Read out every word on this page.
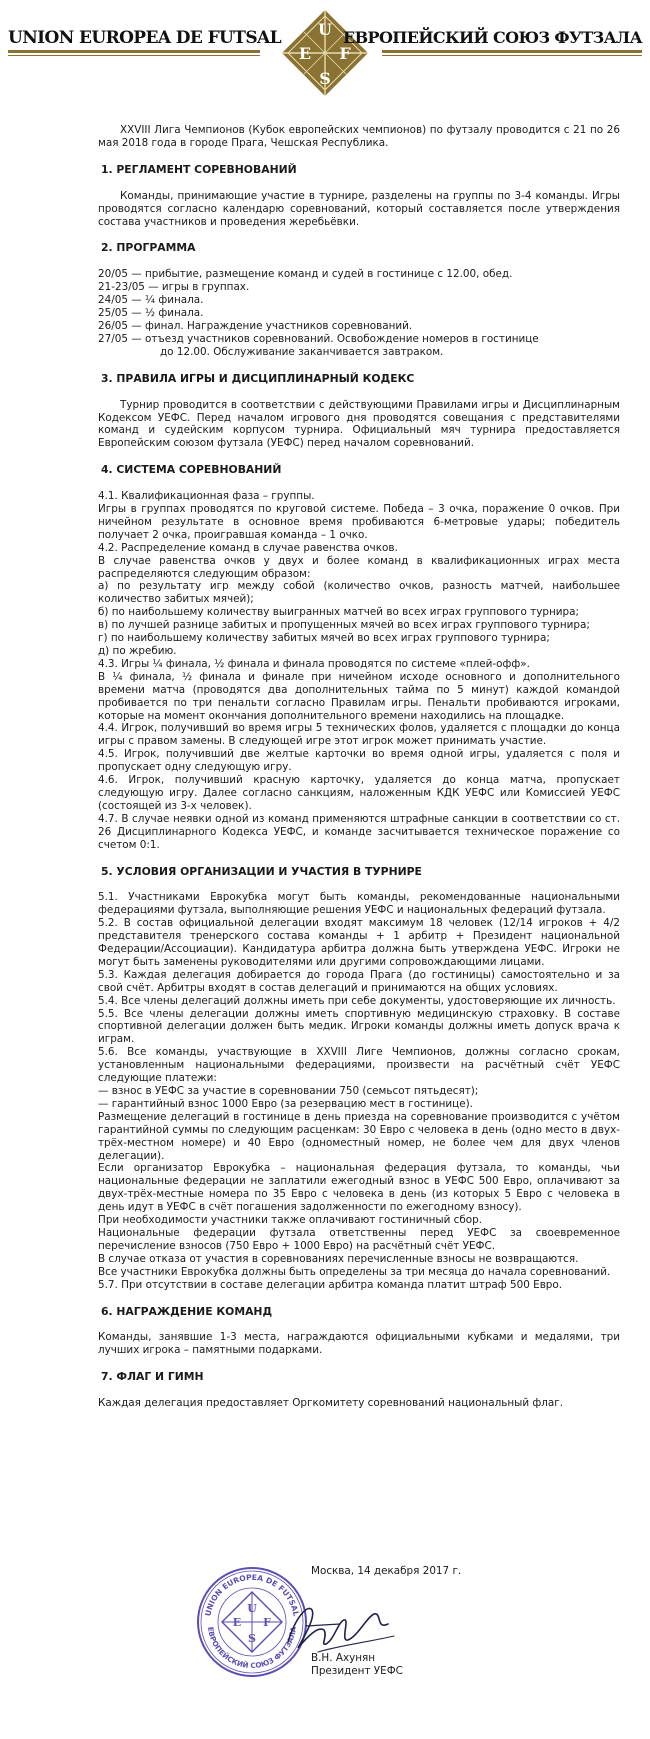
UNION EUROPEA DE FUTSAL U
E F
S
ЕВРОПЕЙСКИЙ СОЮЗ ФУТЗАЛА

XXVIII Лига Чемпионов (Кубок европейских чемпионов) по футзалу проводится с 21 по 26 мая 2018 года в городе Прага, Чешская Республика.

1. РЕГЛАМЕНТ СОРЕВНОВАНИЙ

Команды, принимающие участие в турнире, разделены на группы по 3-4 команды. Игры проводятся согласно календарю соревнований, который составляется после утверждения состава участников и проведения жеребьёвки.

2. ПРОГРАММА

20/05 — прибытие, размещение команд и судей в гостинице с 12.00, обед.

21-23/05 — игры в группах.

24/05 — ¼ финала.

25/05 — ½ финала.

26/05 — финал. Награждение участников соревнований.

27/05 — отъезд участников соревнований. Освобождение номеров в гостинице

до 12.00. Обслуживание заканчивается завтраком.

3. ПРАВИЛА ИГРЫ И ДИСЦИПЛИНАРНЫЙ КОДЕКС

Турнир проводится в соответствии с действующими Правилами игры и Дисциплинарным Кодексом УЕФС. Перед началом игрового дня проводятся совещания с представителями команд и судейским корпусом турнира. Официальный мяч турнира предоставляется Европейским союзом футзала (УЕФС) перед началом соревнований.

4. СИСТЕМА СОРЕВНОВАНИЙ

4.1. Квалификационная фаза – группы.

Игры в группах проводятся по круговой системе. Победа – 3 очка, поражение 0 очков. При ничейном результате в основное время пробиваются 6-метровые удары; победитель получает 2 очка, проигравшая команда – 1 очко.

4.2. Распределение команд в случае равенства очков.

В случае равенства очков у двух и более команд в квалификационных играх места распределяются следующим образом:

а) по результату игр между собой (количество очков, разность матчей, наибольшее количество забитых мячей);

б) по наибольшему количеству выигранных матчей во всех играх группового турнира;

в) по лучшей разнице забитых и пропущенных мячей во всех играх группового турнира;

г) по наибольшему количеству забитых мячей во всех играх группового турнира;

д) по жребию.

4.3. Игры ¼ финала, ½ финала и финала проводятся по системе «плей-офф».

В ¼ финала, ½ финала и финале при ничейном исходе основного и дополнительного времени матча (проводятся два дополнительных тайма по 5 минут) каждой командой пробивается по три пенальти согласно Правилам игры. Пенальти пробиваются игроками, которые на момент окончания дополнительного времени находились на площадке.

4.4. Игрок, получивший во время игры 5 технических фолов, удаляется с площадки до конца игры с правом замены. В следующей игре этот игрок может принимать участие.

4.5. Игрок, получивший две желтые карточки во время одной игры, удаляется с поля и пропускает одну следующую игру.

4.6. Игрок, получивший красную карточку, удаляется до конца матча, пропускает следующую игру. Далее согласно санкциям, наложенным КДК УЕФС или Комиссией УЕФС (состоящей из 3-х человек).

4.7. В случае неявки одной из команд применяются штрафные санкции в соответствии со ст. 26 Дисциплинарного Кодекса УЕФС, и команде засчитывается техническое поражение со счетом 0:1.

5. УСЛОВИЯ ОРГАНИЗАЦИИ И УЧАСТИЯ В ТУРНИРЕ

5.1. Участниками Еврокубка могут быть команды, рекомендованные национальными федерациями футзала, выполняющие решения УЕФС и национальных федераций футзала.

5.2. В состав официальной делегации входят максимум 18 человек (12/14 игроков + 4/2 представителя тренерского состава команды + 1 арбитр + Президент национальной Федерации/Ассоциации). Кандидатура арбитра должна быть утверждена УЕФС. Игроки не могут быть заменены руководителями или другими сопровождающими лицами.

5.3. Каждая делегация добирается до города Прага (до гостиницы) самостоятельно и за свой счёт. Арбитры входят в состав делегаций и принимаются на общих условиях.

5.4. Все члены делегаций должны иметь при себе документы, удостоверяющие их личность.

5.5. Все члены делегации должны иметь спортивную медицинскую страховку. В составе спортивной делегации должен быть медик. Игроки команды должны иметь допуск врача к играм.

5.6. Все команды, участвующие в XXVIII Лиге Чемпионов, должны согласно срокам, установленным национальными федерациями, произвести на расчётный счёт УЕФС следующие платежи:

— взнос в УЕФС за участие в соревновании 750 (семьсот пятьдесят);

— гарантийный взнос 1000 Евро (за резервацию мест в гостинице).

Размещение делегаций в гостинице в день приезда на соревнование производится с учётом гарантийной суммы по следующим расценкам: 30 Евро с человека в день (одно место в двух-трёх-местном номере) и 40 Евро (одноместный номер, не более чем для двух членов делегации).

Если организатор Еврокубка – национальная федерация футзала, то команды, чьи национальные федерации не заплатили ежегодный взнос в УЕФС 500 Евро, оплачивают за двух-трёх-местные номера по 35 Евро с человека в день (из которых 5 Евро с человека в день идут в УЕФС в счёт погашения задолженности по ежегодному взносу).

При необходимости участники также оплачивают гостиничный сбор.

Национальные федерации футзала ответственны перед УЕФС за своевременное перечисление взносов (750 Евро + 1000 Евро) на расчётный счёт УЕФС.

В случае отказа от участия в соревнованиях перечисленные взносы не возвращаются.

Все участники Еврокубка должны быть определены за три месяца до начала соревнований.

5.7. При отсутствии в составе делегации арбитра команда платит штраф 500 Евро.

6. НАГРАЖДЕНИЕ КОМАНД

Команды, занявшие 1-3 места, награждаются официальными кубками и медалями, три лучших игрока – памятными подарками.

7. ФЛАГ И ГИМН

Каждая делегация предоставляет Оргкомитету соревнований национальный флаг.

UNION EUROPEA DE FUTSAL
ЕВРОПЕЙСКИЙ СОЮЗ ФУТЗАЛА
U
E F
S
Москва, 14 декабря 2017 г.
В.Н. Ахунян
Президент УЕФС
